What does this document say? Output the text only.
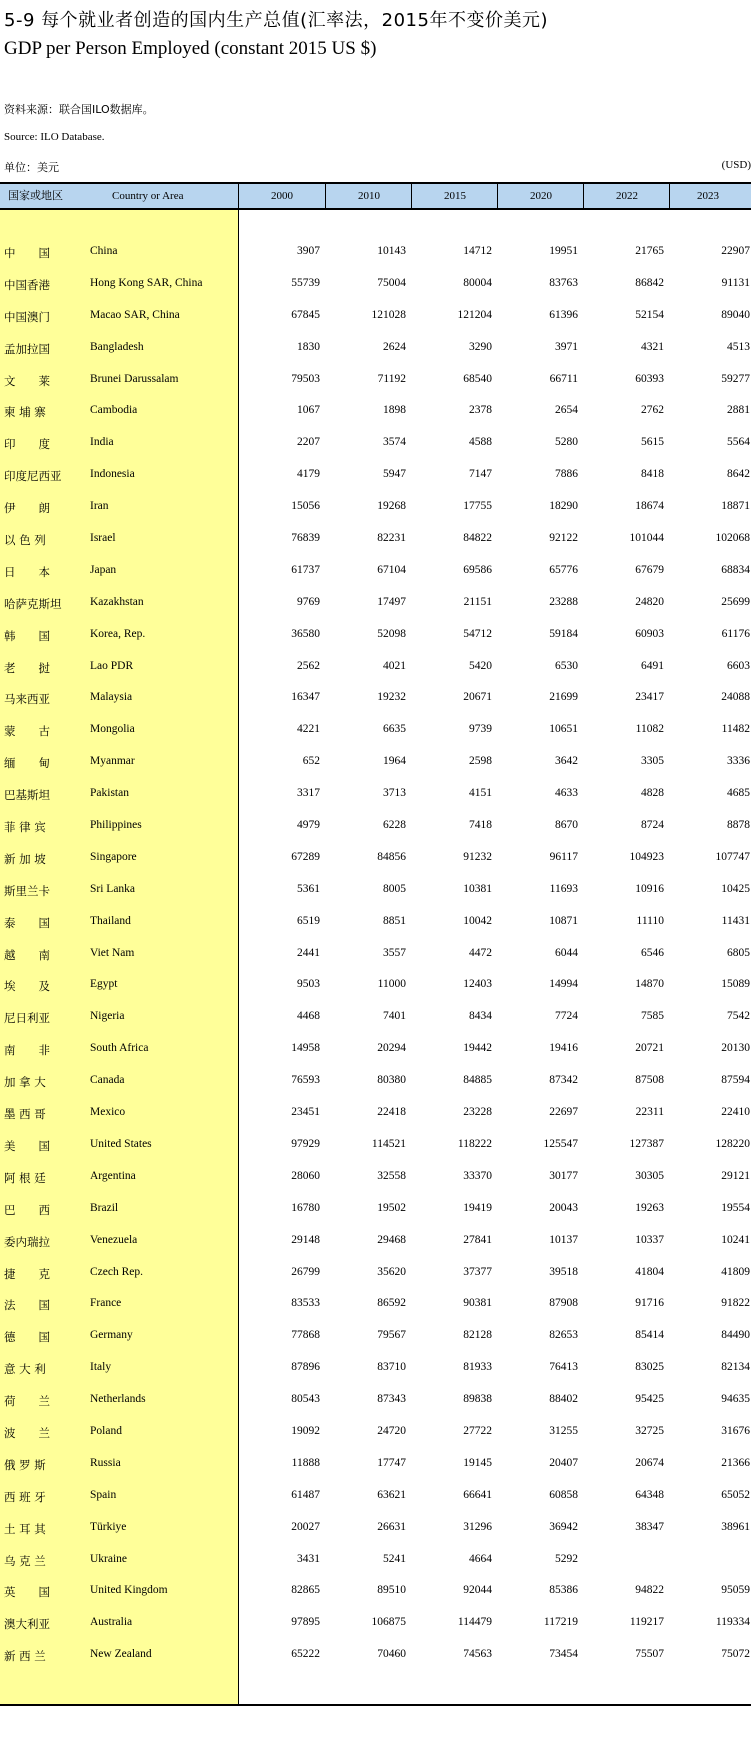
5-9 每个就业者创造的国内生产总值(汇率法，2015年不变价美元)
GDP per Person Employed (constant 2015 US $)
资料来源：联合国ILO数据库。
Source: ILO Database.
单位：美元	(USD)
国家或地区	Country or Area	2000	2010	2015	2020	2022	2023
中　　国	China	3907	10143	14712	19951	21765	22907
中国香港	Hong Kong SAR, China	55739	75004	80004	83763	86842	91131
中国澳门	Macao SAR, China	67845	121028	121204	61396	52154	89040
孟加拉国	Bangladesh	1830	2624	3290	3971	4321	4513
文　　莱	Brunei Darussalam	79503	71192	68540	66711	60393	59277
柬 埔 寨	Cambodia	1067	1898	2378	2654	2762	2881
印　　度	India	2207	3574	4588	5280	5615	5564
印度尼西亚	Indonesia	4179	5947	7147	7886	8418	8642
伊　　朗	Iran	15056	19268	17755	18290	18674	18871
以 色 列	Israel	76839	82231	84822	92122	101044	102068
日　　本	Japan	61737	67104	69586	65776	67679	68834
哈萨克斯坦	Kazakhstan	9769	17497	21151	23288	24820	25699
韩　　国	Korea, Rep.	36580	52098	54712	59184	60903	61176
老　　挝	Lao PDR	2562	4021	5420	6530	6491	6603
马来西亚	Malaysia	16347	19232	20671	21699	23417	24088
蒙　　古	Mongolia	4221	6635	9739	10651	11082	11482
缅　　甸	Myanmar	652	1964	2598	3642	3305	3336
巴基斯坦	Pakistan	3317	3713	4151	4633	4828	4685
菲 律 宾	Philippines	4979	6228	7418	8670	8724	8878
新 加 坡	Singapore	67289	84856	91232	96117	104923	107747
斯里兰卡	Sri Lanka	5361	8005	10381	11693	10916	10425
泰　　国	Thailand	6519	8851	10042	10871	11110	11431
越　　南	Viet Nam	2441	3557	4472	6044	6546	6805
埃　　及	Egypt	9503	11000	12403	14994	14870	15089
尼日利亚	Nigeria	4468	7401	8434	7724	7585	7542
南　　非	South Africa	14958	20294	19442	19416	20721	20130
加 拿 大	Canada	76593	80380	84885	87342	87508	87594
墨 西 哥	Mexico	23451	22418	23228	22697	22311	22410
美　　国	United States	97929	114521	118222	125547	127387	128220
阿 根 廷	Argentina	28060	32558	33370	30177	30305	29121
巴　　西	Brazil	16780	19502	19419	20043	19263	19554
委内瑞拉	Venezuela	29148	29468	27841	10137	10337	10241
捷　　克	Czech Rep.	26799	35620	37377	39518	41804	41809
法　　国	France	83533	86592	90381	87908	91716	91822
德　　国	Germany	77868	79567	82128	82653	85414	84490
意 大 利	Italy	87896	83710	81933	76413	83025	82134
荷　　兰	Netherlands	80543	87343	89838	88402	95425	94635
波　　兰	Poland	19092	24720	27722	31255	32725	31676
俄 罗 斯	Russia	11888	17747	19145	20407	20674	21366
西 班 牙	Spain	61487	63621	66641	60858	64348	65052
土 耳 其	Türkiye	20027	26631	31296	36942	38347	38961
乌 克 兰	Ukraine	3431	5241	4664	5292
英　　国	United Kingdom	82865	89510	92044	85386	94822	95059
澳大利亚	Australia	97895	106875	114479	117219	119217	119334
新 西 兰	New Zealand	65222	70460	74563	73454	75507	75072
